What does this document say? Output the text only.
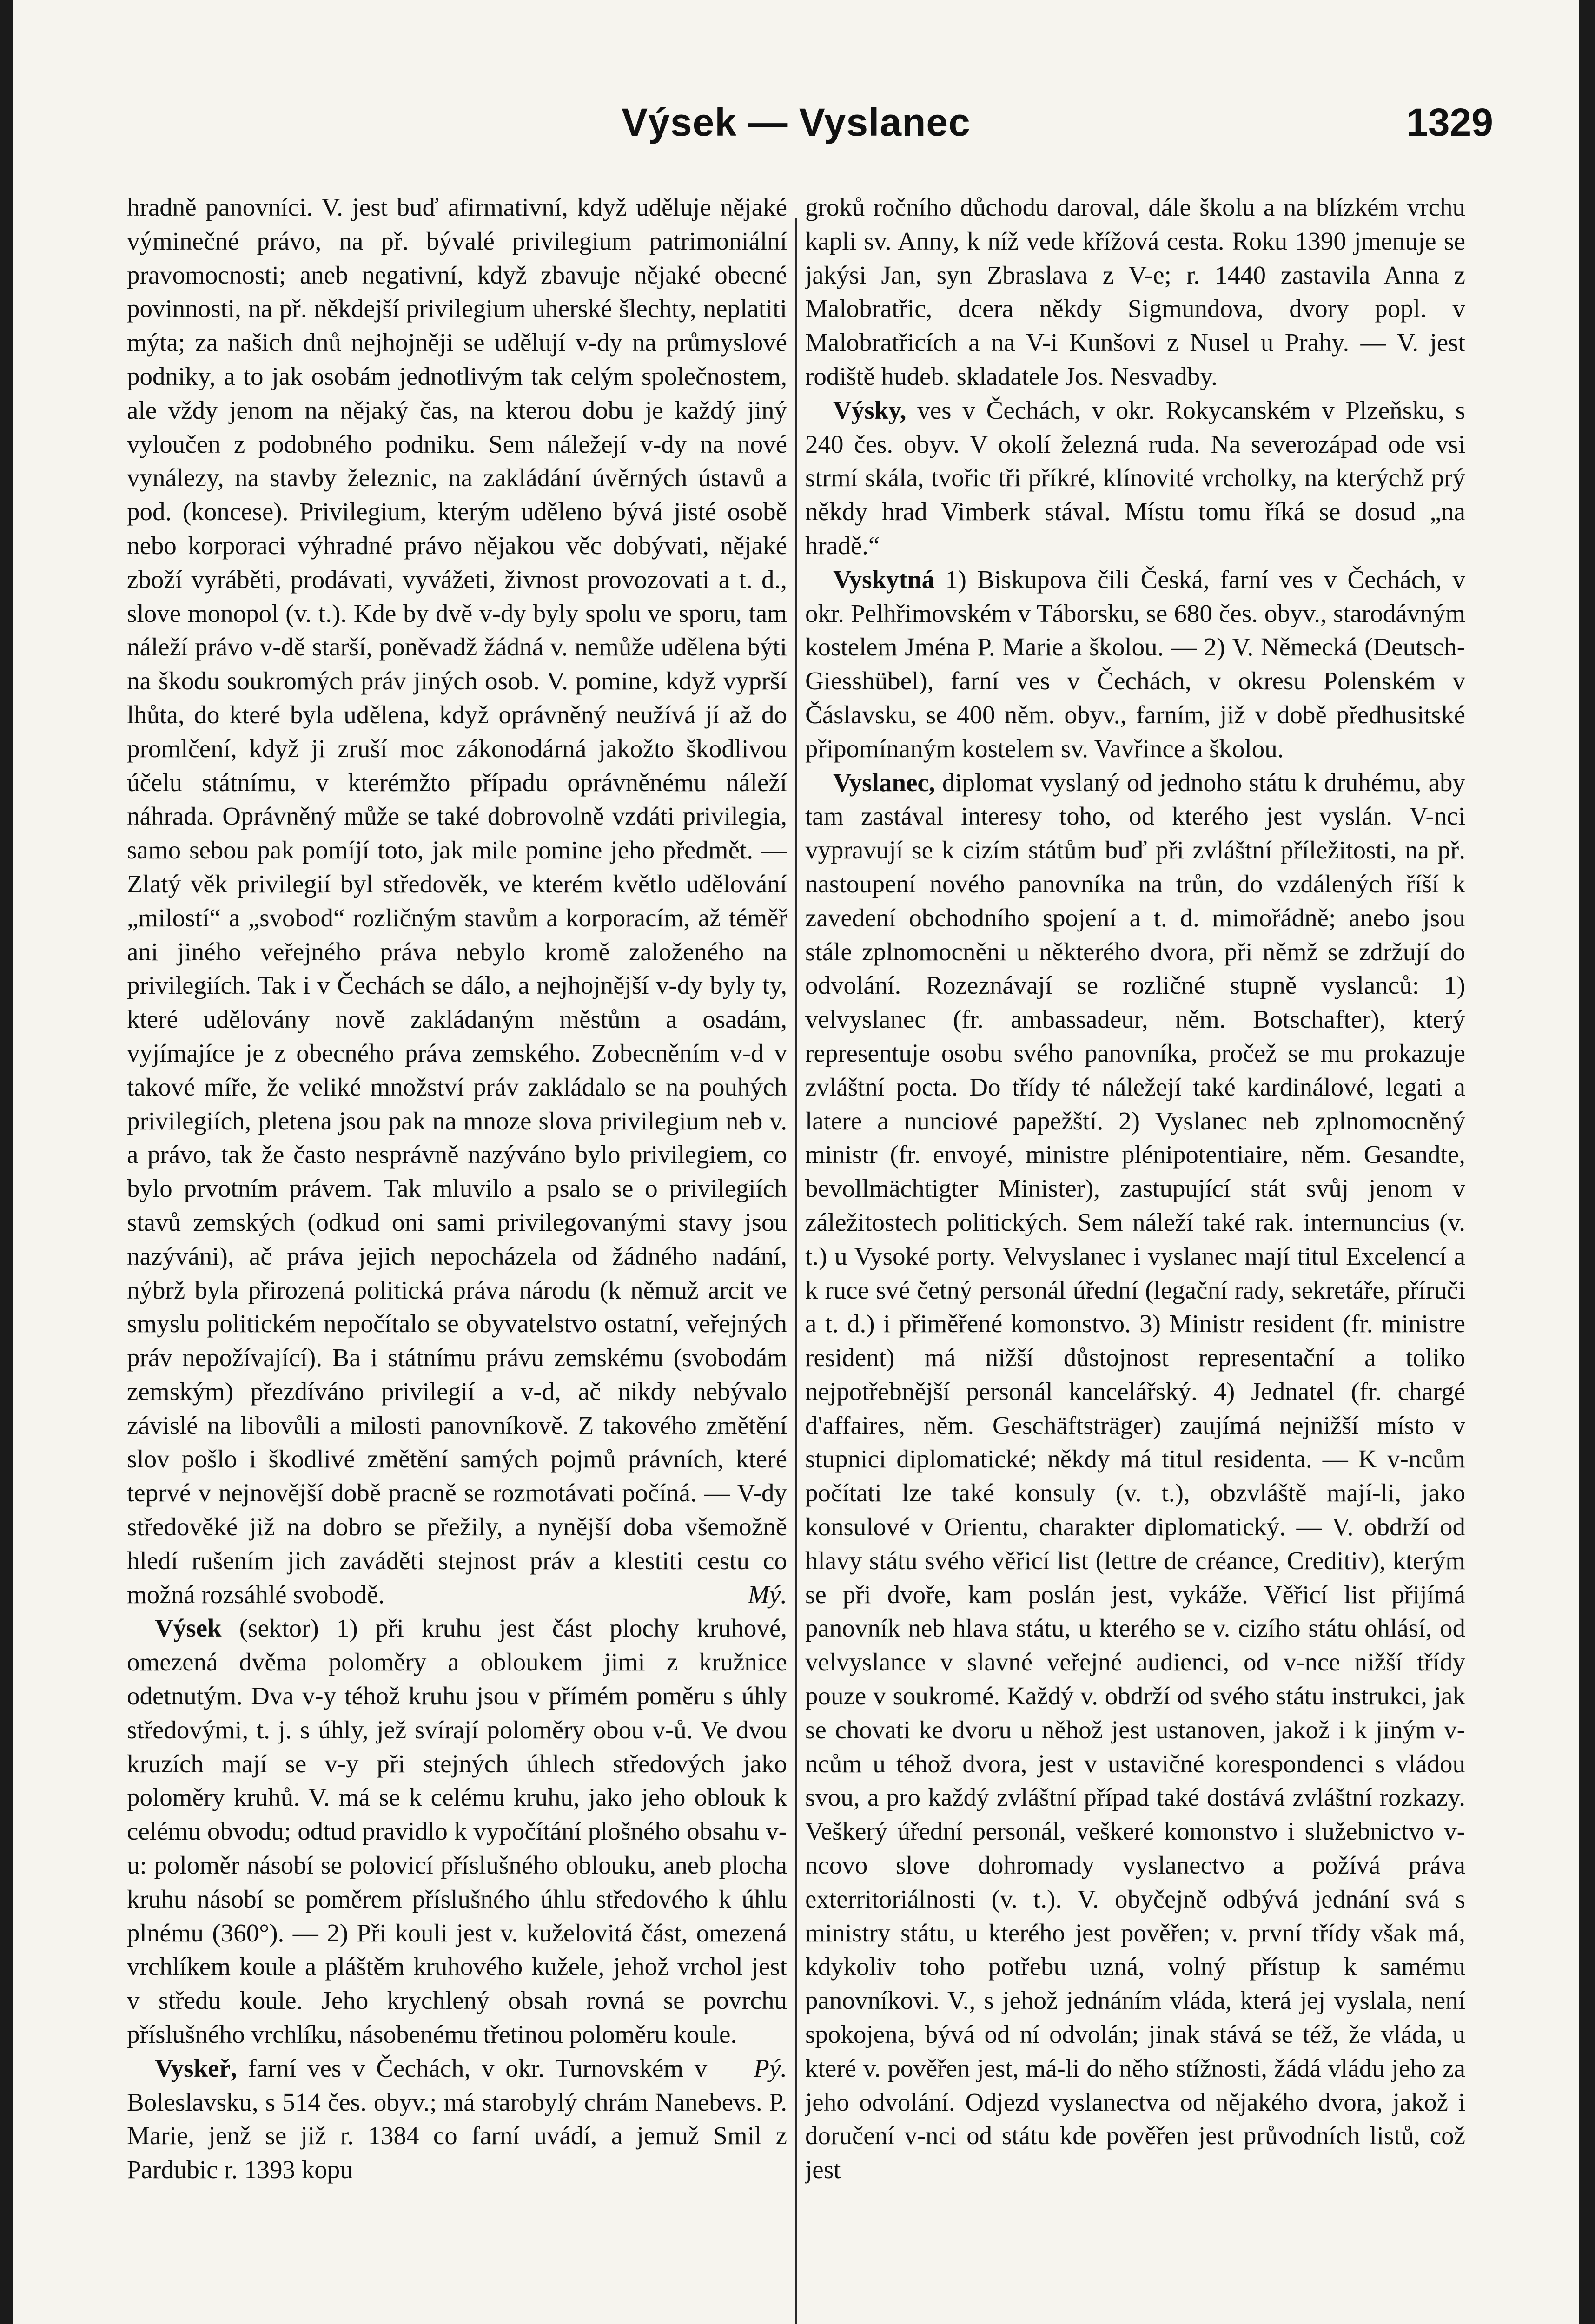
Výsek — Vyslanec	1329

hradně panovníci. V. jest buď afirmativní, když uděluje nějaké výminečné právo, na př. bývalé privilegium patrimoniální pravomocnosti; aneb negativní, když zbavuje nějaké obecné povinnosti, na př. někdejší privilegium uherské šlechty, neplatiti mýta; za našich dnů nejhojněji se udělují v-dy na průmyslové podniky, a to jak osobám jednotlivým tak celým společnostem, ale vždy jenom na nějaký čas, na kterou dobu je každý jiný vyloučen z podobného podniku. Sem náležejí v-dy na nové vynálezy, na stavby železnic, na zakládání úvěrných ústavů a pod. (koncese). Privilegium, kterým uděleno bývá jisté osobě nebo korporaci výhradné právo nějakou věc dobývati, nějaké zboží vyráběti, prodávati, vyvážeti, živnost provozovati a t. d., slove monopol (v. t.). Kde by dvě v-dy byly spolu ve sporu, tam náleží právo v-dě starší, poněvadž žádná v. nemůže udělena býti na škodu soukromých práv jiných osob. V. pomine, když vyprší lhůta, do které byla udělena, když oprávněný neužívá jí až do promlčení, když ji zruší moc zákonodárná jakožto škodlivou účelu státnímu, v kterémžto případu oprávněnému náleží náhrada. Oprávněný může se také dobrovolně vzdáti privilegia, samo sebou pak pomíjí toto, jak mile pomine jeho předmět. — Zlatý věk privilegií byl středověk, ve kterém květlo udělování „milostí“ a „svobod“ rozličným stavům a korporacím, až téměř ani jiného veřejného práva nebylo kromě založeného na privilegiích. Tak i v Čechách se dálo, a nejhojnější v-dy byly ty, které udělovány nově zakládaným městům a osadám, vyjímajíce je z obecného práva zemského. Zobecněním v-d v takové míře, že veliké množství práv zakládalo se na pouhých privilegiích, pletena jsou pak na mnoze slova privilegium neb v. a právo, tak že často nesprávně nazýváno bylo privilegiem, co bylo prvotním právem. Tak mluvilo a psalo se o privilegiích stavů zemských (odkud oni sami privilegovanými stavy jsou nazýváni), ač práva jejich nepocházela od žádného nadání, nýbrž byla přirozená politická práva národu (k němuž arcit ve smyslu politickém nepočítalo se obyvatelstvo ostatní, veřejných práv nepožívající). Ba i státnímu právu zemskému (svobodám zemským) přezdíváno privilegií a v-d, ač nikdy nebývalo závislé na libovůli a milosti panovníkově. Z takového změtění slov pošlo i škodlivé změtění samých pojmů právních, které teprvé v nejnovější době pracně se rozmotávati počíná. — V-dy středověké již na dobro se přežily, a nynější doba všemožně hledí rušením jich zaváděti stejnost práv a klestiti cestu co možná rozsáhlé svobodě.	Mý.

Výsek (sektor) 1) při kruhu jest část plochy kruhové, omezená dvěma poloměry a obloukem jimi z kružnice odetnutým. Dva v-y téhož kruhu jsou v přímém poměru s úhly středovými, t. j. s úhly, jež svírají poloměry obou v-ů. Ve dvou kruzích mají se v-y při stejných úhlech středových jako poloměry kruhů. V. má se k celému kruhu, jako jeho oblouk k celému obvodu; odtud pravidlo k vypočítání plošného obsahu v-u: poloměr násobí se polovicí příslušného oblouku, aneb plocha kruhu násobí se poměrem příslušného úhlu středového k úhlu plnému (360°). — 2) Při kouli jest v. kuželovitá část, omezená vrchlíkem koule a pláštěm kruhového kužele, jehož vrchol jest v středu koule. Jeho krychlený obsah rovná se povrchu příslušného vrchlíku, násobenému třetinou poloměru koule.
Pý.

Vyskeř, farní ves v Čechách, v okr. Turnovském v Boleslavsku, s 514 čes. obyv.; má starobylý chrám Nanebevs. P. Marie, jenž se již r. 1384 co farní uvádí, a jemuž Smil z Pardubic r. 1393 kopu

groků ročního důchodu daroval, dále školu a na blízkém vrchu kapli sv. Anny, k níž vede křížová cesta. Roku 1390 jmenuje se jakýsi Jan, syn Zbraslava z V-e; r. 1440 zastavila Anna z Malobratřic, dcera někdy Sigmundova, dvory popl. v Malobratřicích a na V-i Kunšovi z Nusel u Prahy. — V. jest rodiště hudeb. skladatele Jos. Nesvadby.

Výsky, ves v Čechách, v okr. Rokycanském v Plzeňsku, s 240 čes. obyv. V okolí železná ruda. Na severozápad ode vsi strmí skála, tvořic tři příkré, klínovité vrcholky, na kterýchž prý někdy hrad Vimberk stával. Místu tomu říká se dosud „na hradě.“

Vyskytná 1) Biskupova čili Česká, farní ves v Čechách, v okr. Pelhřimovském v Táborsku, se 680 čes. obyv., starodávným kostelem Jména P. Marie a školou. — 2) V. Německá (Deutsch-Giesshübel), farní ves v Čechách, v okresu Polenském v Čáslavsku, se 400 něm. obyv., farním, již v době předhusitské připomínaným kostelem sv. Vavřince a školou.

Vyslanec, diplomat vyslaný od jednoho státu k druhému, aby tam zastával interesy toho, od kterého jest vyslán. V-nci vypravují se k cizím státům buď při zvláštní příležitosti, na př. nastoupení nového panovníka na trůn, do vzdálených říší k zavedení obchodního spojení a t. d. mimořádně; anebo jsou stále zplnomocněni u některého dvora, při němž se zdržují do odvolání. Rozeznávají se rozličné stupně vyslanců: 1) velvyslanec (fr. ambassadeur, něm. Botschafter), který representuje osobu svého panovníka, pročež se mu prokazuje zvláštní pocta. Do třídy té náležejí také kardinálové, legati a latere a nunciové papežští. 2) Vyslanec neb zplnomocněný ministr (fr. envoyé, ministre plénipotentiaire, něm. Gesandte, bevollmächtigter Minister), zastupující stát svůj jenom v záležitostech politických. Sem náleží také rak. internuncius (v. t.) u Vysoké porty. Velvyslanec i vyslanec mají titul Excelencí a k ruce své četný personál úřední (legační rady, sekretáře, příruči a t. d.) i přiměřené komonstvo. 3) Ministr resident (fr. ministre resident) má nižší důstojnost representační a toliko nejpotřebnější personál kancelářský. 4) Jednatel (fr. chargé d'affaires, něm. Geschäftsträger) zaujímá nejnižší místo v stupnici diplomatické; někdy má titul residenta. — K v-ncům počítati lze také konsuly (v. t.), obzvláště mají-li, jako konsulové v Orientu, charakter diplomatický. — V. obdrží od hlavy státu svého věřicí list (lettre de créance, Creditiv), kterým se při dvoře, kam poslán jest, vykáže. Věřicí list přijímá panovník neb hlava státu, u kterého se v. cizího státu ohlásí, od velvyslance v slavné veřejné audienci, od v-nce nižší třídy pouze v soukromé. Každý v. obdrží od svého státu instrukci, jak se chovati ke dvoru u něhož jest ustanoven, jakož i k jiným v-ncům u téhož dvora, jest v ustavičné korespondenci s vládou svou, a pro každý zvláštní případ také dostává zvláštní rozkazy. Veškerý úřední personál, veškeré komonstvo i služebnictvo v-ncovo slove dohromady vyslanectvo a požívá práva exterritoriálnosti (v. t.). V. obyčejně odbývá jednání svá s ministry státu, u kterého jest pověřen; v. první třídy však má, kdykoliv toho potřebu uzná, volný přístup k samému panovníkovi. V., s jehož jednáním vláda, která jej vyslala, není spokojena, bývá od ní odvolán; jinak stává se též, že vláda, u které v. pověřen jest, má-li do něho stížnosti, žádá vládu jeho za jeho odvolání. Odjezd vyslanectva od nějakého dvora, jakož i doručení v-nci od státu kde pověřen jest průvodních listů, což jest
